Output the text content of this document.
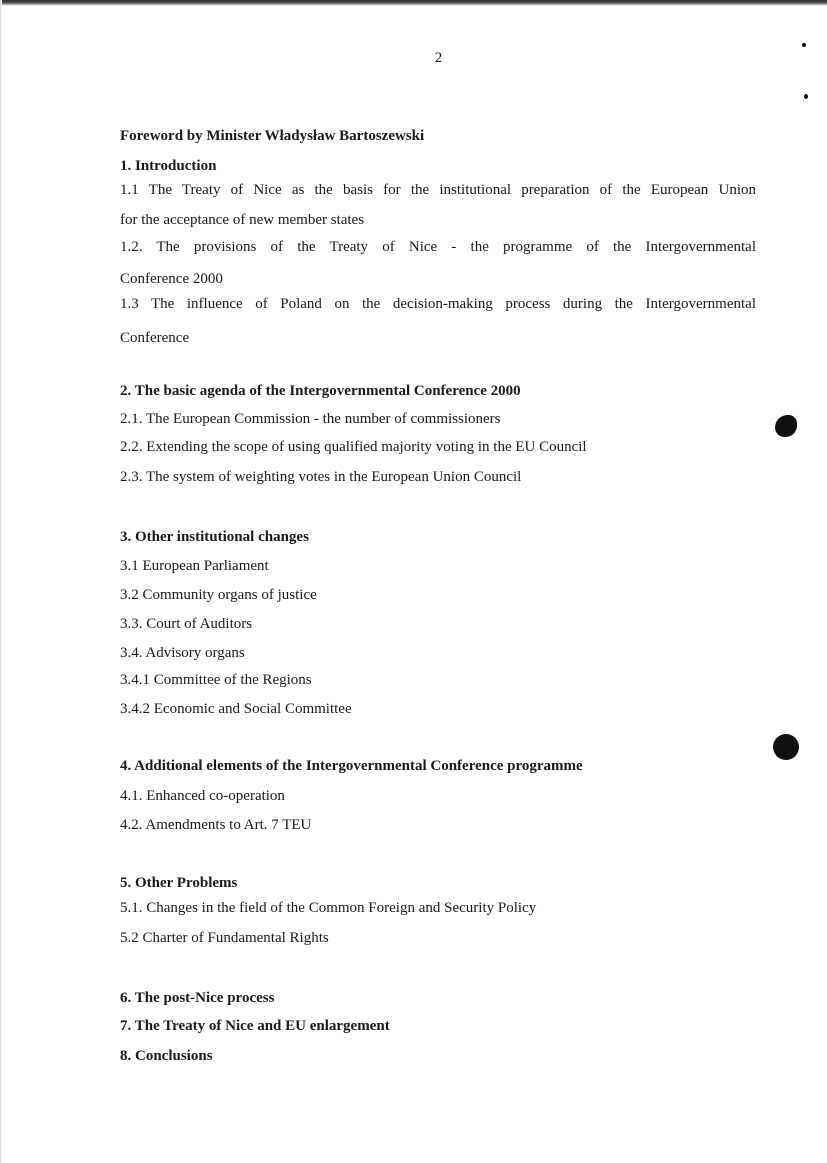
2
Foreword by Minister Władysław Bartoszewski
1. Introduction
1.1 The Treaty of Nice as the basis for the institutional preparation of the European Union
for the acceptance of new member states
1.2. The provisions of the Treaty of Nice - the programme of the Intergovernmental
Conference 2000
1.3 The influence of Poland on the decision-making process during the Intergovernmental
Conference
2. The basic agenda of the Intergovernmental Conference 2000
2.1. The European Commission - the number of commissioners
2.2. Extending the scope of using qualified majority voting in the EU Council
2.3. The system of weighting votes in the European Union Council
3. Other institutional changes
3.1 European Parliament
3.2 Community organs of justice
3.3. Court of Auditors
3.4. Advisory organs
3.4.1 Committee of the Regions
3.4.2 Economic and Social Committee
4. Additional elements of the Intergovernmental Conference programme
4.1. Enhanced co-operation
4.2. Amendments to Art. 7 TEU
5. Other Problems
5.1. Changes in the field of the Common Foreign and Security Policy
5.2 Charter of Fundamental Rights
6. The post-Nice process
7. The Treaty of Nice and EU enlargement
8. Conclusions
